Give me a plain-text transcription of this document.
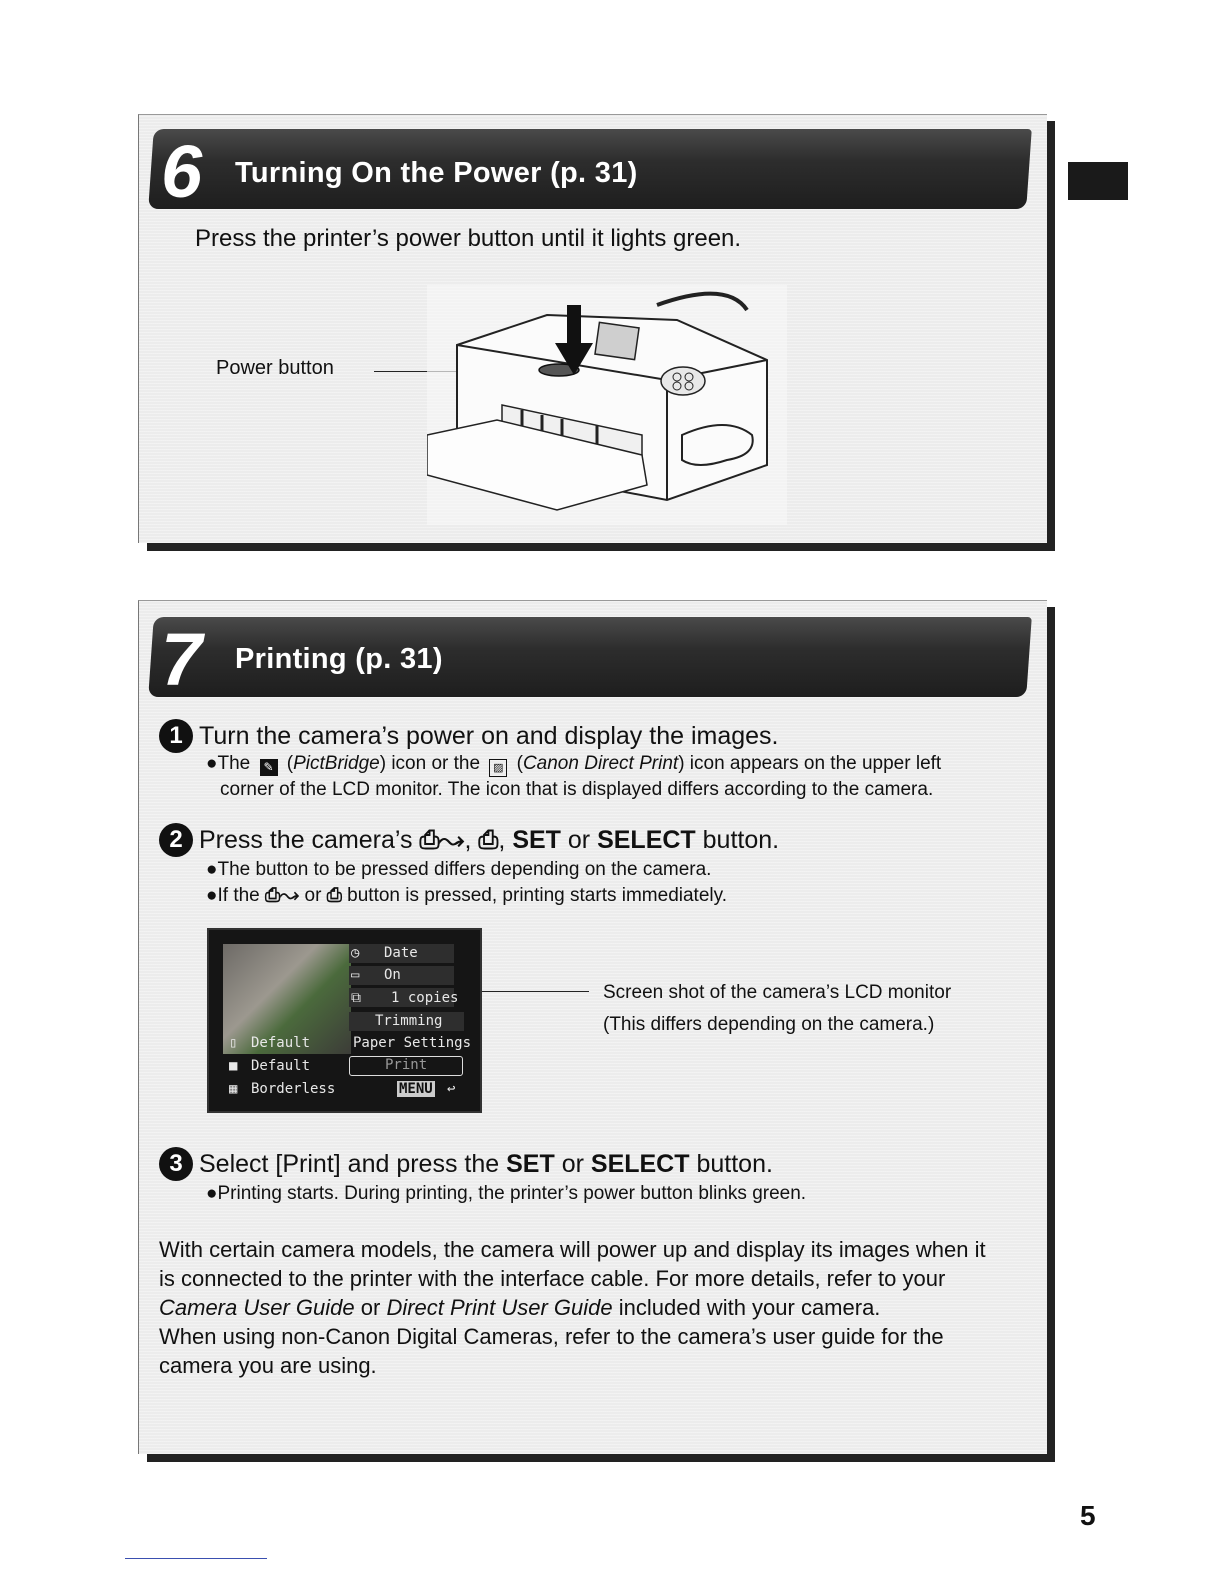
6 Turning On the Power (p. 31)
Press the printer’s power button until it lights green.
Power button
7 Printing (p. 31)
1 Turn the camera’s power on and display the images.
●The ✎ (PictBridge) icon or the ▨ (Canon Direct Print) icon appears on the upper left
corner of the LCD monitor. The icon that is displayed differs according to the camera.
2 Press the camera’s ⎙↝, ⎙, SET or SELECT button.
●The button to be pressed differs depending on the camera.
●If the ⎙↝ or ⎙ button is pressed, printing starts immediately.
Screen shot of the camera’s LCD monitor
(This differs depending on the camera.)
3 Select [Print] and press the SET or SELECT button.
●Printing starts. During printing, the printer’s power button blinks green.
With certain camera models, the camera will power up and display its images when it
is connected to the printer with the interface cable. For more details, refer to your
Camera User Guide or Direct Print User Guide included with your camera.
When using non-Canon Digital Cameras, refer to the camera’s user guide for the
camera you are using.
◷ Date
▭ On
⧉ 1 copies
Trimming
Paper Settings
Print
MENU ↩
▯ Default
■ Default
▦ Borderless
5
